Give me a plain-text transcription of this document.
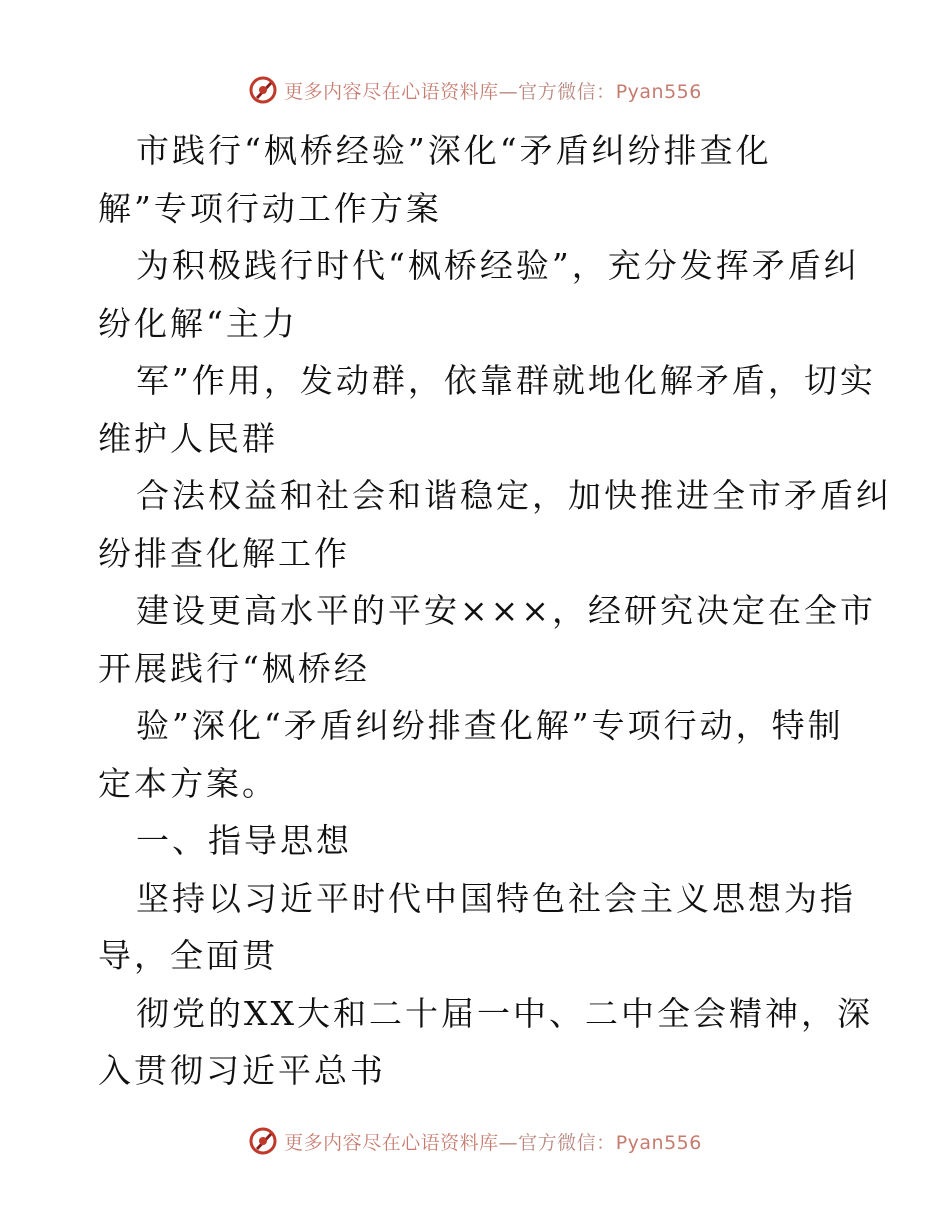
更多内容尽在心语资料库—官方微信：Pyan556
市践行“枫桥经验”深化“矛盾纠纷排查化
解”专项行动工作方案
为积极践行时代“枫桥经验”，充分发挥矛盾纠
纷化解“主力
军”作用，发动群，依靠群就地化解矛盾，切实
维护人民群
合法权益和社会和谐稳定，加快推进全市矛盾纠
纷排查化解工作
建设更高水平的平安×××，经研究决定在全市
开展践行“枫桥经
验”深化“矛盾纠纷排查化解”专项行动，特制
定本方案。
一、指导思想
坚持以习近平时代中国特色社会主义思想为指
导，全面贯
彻党的XX大和二十届一中、二中全会精神，深
入贯彻习近平总书
更多内容尽在心语资料库—官方微信：Pyan556
